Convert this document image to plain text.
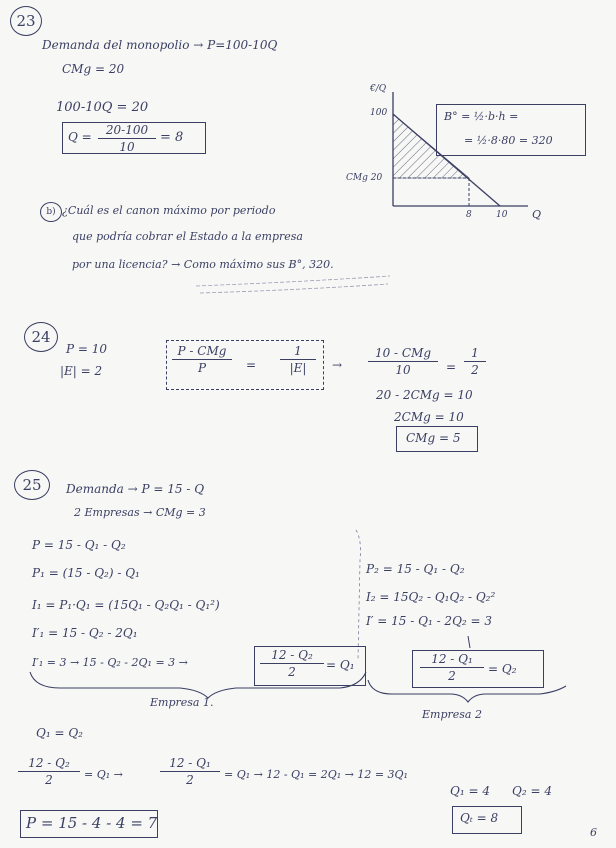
23
Demanda del monopolio → P=100-10Q
CMg = 20
100-10Q = 20
Q =	20-100
10
= 8
€/Q
100
CMg 20
8	10 Q
B° = ½·b·h =
= ½·8·80 = 320
b) ¿Cuál es el canon máximo por periodo
que podría cobrar el Estado a la empresa
por una licencia? → Como máximo sus B°, 320.
24
P = 10
|E| = 2
P - CMg
P	=
1
|E|	→
10 - CMg
10	=
1
2
20 - 2CMg = 10
2CMg = 10
CMg = 5
25 Demanda → P = 15 - Q
2 Empresas → CMg = 3
P = 15 - Q₁ - Q₂
P₁ = (15 - Q₂) - Q₁
I₁ = P₁·Q₁ = (15Q₁ - Q₂Q₁ - Q₁²)
I′₁ = 15 - Q₂ - 2Q₁
I′₁ = 3 → 15 - Q₂ - 2Q₁ = 3 →
12 - Q₂
2	= Q₁
Empresa 1.
P₂ = 15 - Q₁ - Q₂
I₂ = 15Q₂ - Q₁Q₂ - Q₂²
I′ = 15 - Q₁ - 2Q₂ = 3
12 - Q₁
2	= Q₂
Empresa 2
Q₁ = Q₂
12 - Q₂
2	= Q₁ →
12 - Q₁
2	= Q₁ → 12 - Q₁ = 2Q₁ → 12 = 3Q₁
Q₁ = 4 Q₂ = 4
P = 15 - 4 - 4 = 7	Qₜ = 8
6
